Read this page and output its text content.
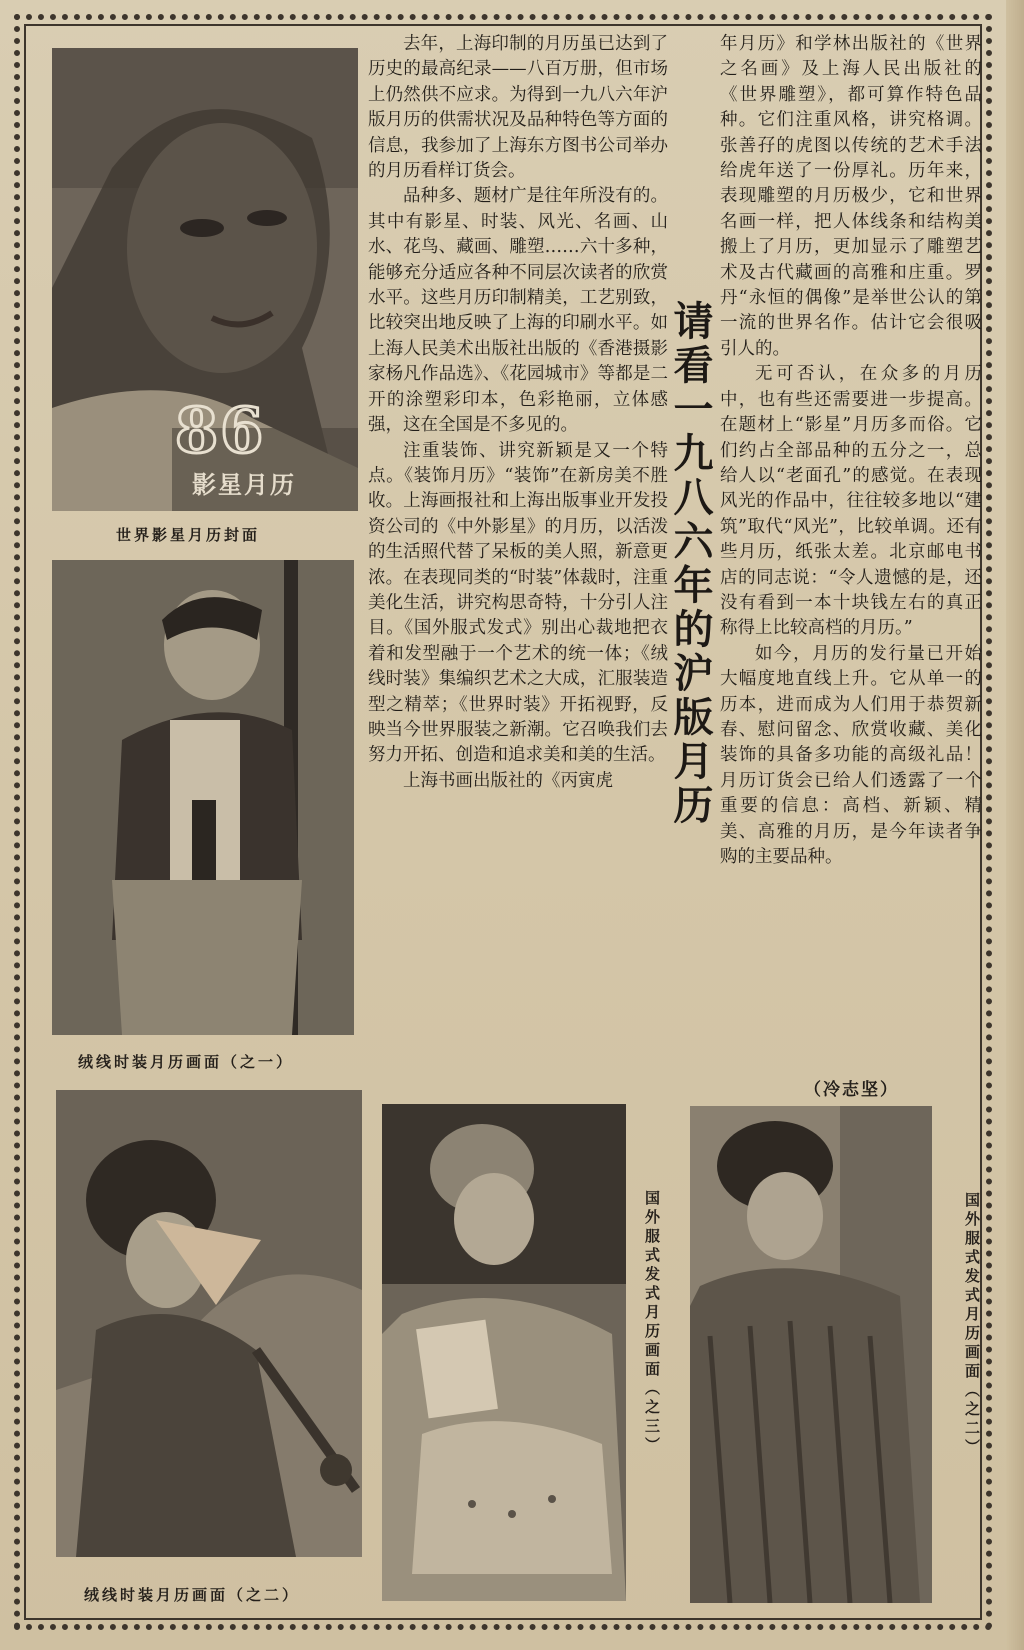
86
影星月历
世界影星月历封面
绒线时装月历画面（之一）
绒线时装月历画面（之二）
国外服式发式月历画面（之三）	国外服式发式月历画面（之二）
请看一九八六年的沪版月历

去年，上海印制的月历虽已达到了历史的最高纪录——八百万册，但市场上仍然供不应求。为得到一九八六年沪版月历的供需状况及品种特色等方面的信息，我参加了上海东方图书公司举办的月历看样订货会。

品种多、题材广是往年所没有的。其中有影星、时装、风光、名画、山水、花鸟、藏画、雕塑……六十多种，能够充分适应各种不同层次读者的欣赏水平。这些月历印制精美，工艺别致，比较突出地反映了上海的印刷水平。如上海人民美术出版社出版的《香港摄影家杨凡作品选》、《花园城市》等都是二开的涂塑彩印本，色彩艳丽，立体感强，这在全国是不多见的。

注重装饰、讲究新颖是又一个特点。《装饰月历》“装饰”在新房美不胜收。上海画报社和上海出版事业开发投资公司的《中外影星》的月历，以活泼的生活照代替了呆板的美人照，新意更浓。在表现同类的“时装”体裁时，注重美化生活，讲究构思奇特，十分引人注目。《国外服式发式》别出心裁地把衣着和发型融于一个艺术的统一体；《绒线时装》集编织艺术之大成，汇服装造型之精萃；《世界时装》开拓视野，反映当今世界服装之新潮。它召唤我们去努力开拓、创造和追求美和美的生活。

上海书画出版社的《丙寅虎

年月历》和学林出版社的《世界之名画》及上海人民出版社的《世界雕塑》，都可算作特色品种。它们注重风格，讲究格调。张善孖的虎图以传统的艺术手法给虎年送了一份厚礼。历年来，表现雕塑的月历极少，它和世界名画一样，把人体线条和结构美搬上了月历，更加显示了雕塑艺术及古代藏画的高雅和庄重。罗丹“永恒的偶像”是举世公认的第一流的世界名作。估计它会很吸引人的。

无可否认，在众多的月历中，也有些还需要进一步提高。在题材上“影星”月历多而俗。它们约占全部品种的五分之一，总给人以“老面孔”的感觉。在表现风光的作品中，往往较多地以“建筑”取代“风光”，比较单调。还有些月历，纸张太差。北京邮电书店的同志说：“令人遗憾的是，还没有看到一本十块钱左右的真正称得上比较高档的月历。”

如今，月历的发行量已开始大幅度地直线上升。它从单一的历本，进而成为人们用于恭贺新春、慰问留念、欣赏收藏、美化装饰的具备多功能的高级礼品！月历订货会已给人们透露了一个重要的信息：高档、新颖、精美、高雅的月历，是今年读者争购的主要品种。

（冷志坚）
